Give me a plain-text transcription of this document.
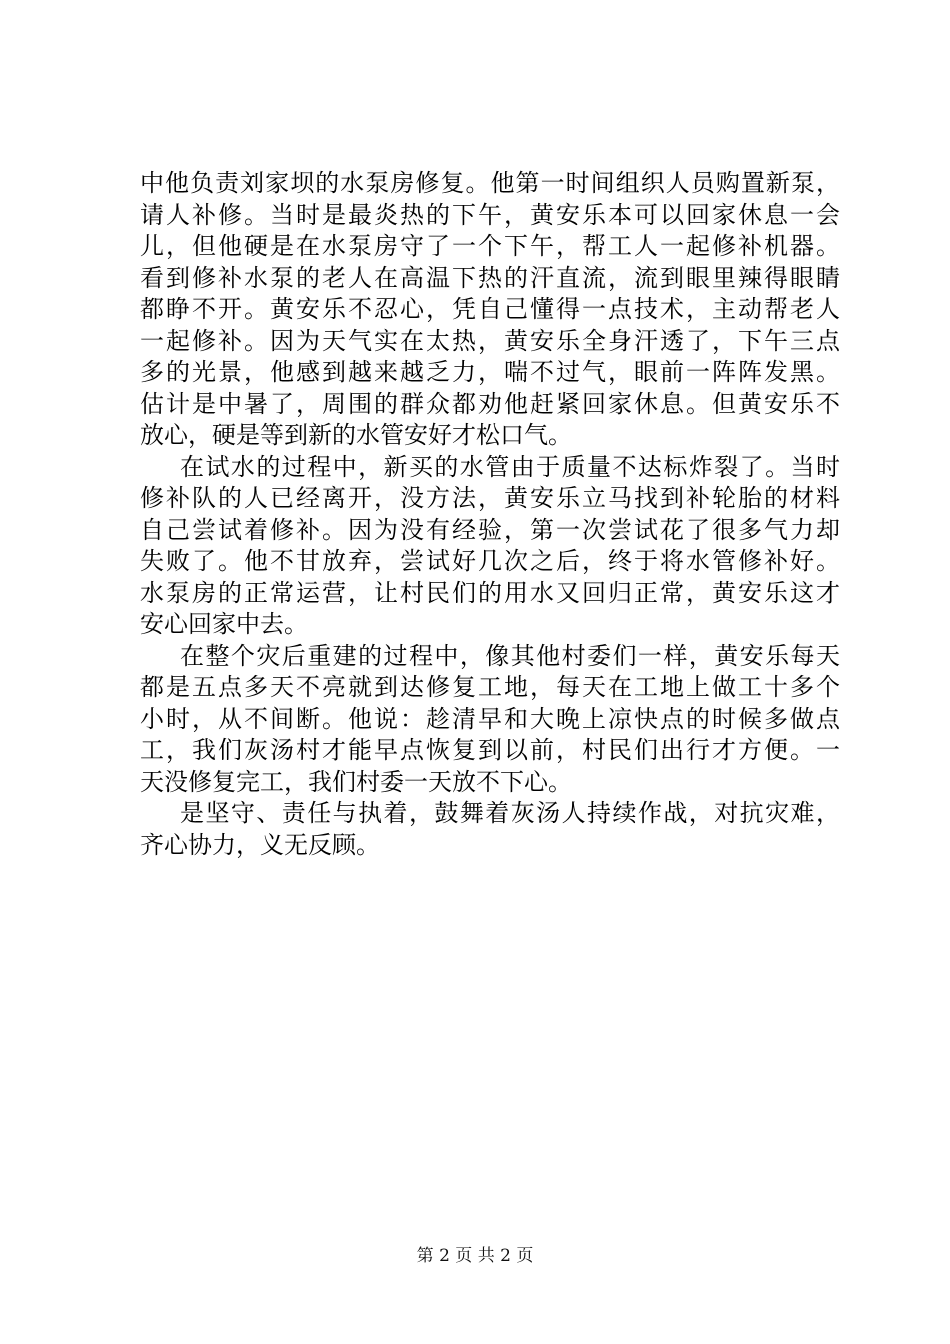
中他负责刘家坝的水泵房修复。他第一时间组织人员购置新泵，
请人补修。当时是最炎热的下午，黄安乐本可以回家休息一会
儿，但他硬是在水泵房守了一个下午，帮工人一起修补机器。
看到修补水泵的老人在高温下热的汗直流，流到眼里辣得眼睛
都睁不开。黄安乐不忍心，凭自己懂得一点技术，主动帮老人
一起修补。因为天气实在太热，黄安乐全身汗透了，下午三点
多的光景，他感到越来越乏力，喘不过气，眼前一阵阵发黑。
估计是中暑了，周围的群众都劝他赶紧回家休息。但黄安乐不
放心，硬是等到新的水管安好才松口气。
在试水的过程中，新买的水管由于质量不达标炸裂了。当时
修补队的人已经离开，没方法，黄安乐立马找到补轮胎的材料
自己尝试着修补。因为没有经验，第一次尝试花了很多气力却
失败了。他不甘放弃，尝试好几次之后，终于将水管修补好。
水泵房的正常运营，让村民们的用水又回归正常，黄安乐这才
安心回家中去。
在整个灾后重建的过程中，像其他村委们一样，黄安乐每天
都是五点多天不亮就到达修复工地，每天在工地上做工十多个
小时，从不间断。他说：趁清早和大晚上凉快点的时候多做点
工，我们灰汤村才能早点恢复到以前，村民们出行才方便。一
天没修复完工，我们村委一天放不下心。
是坚守、责任与执着，鼓舞着灰汤人持续作战，对抗灾难，
齐心协力，义无反顾。
第 2 页 共 2 页
